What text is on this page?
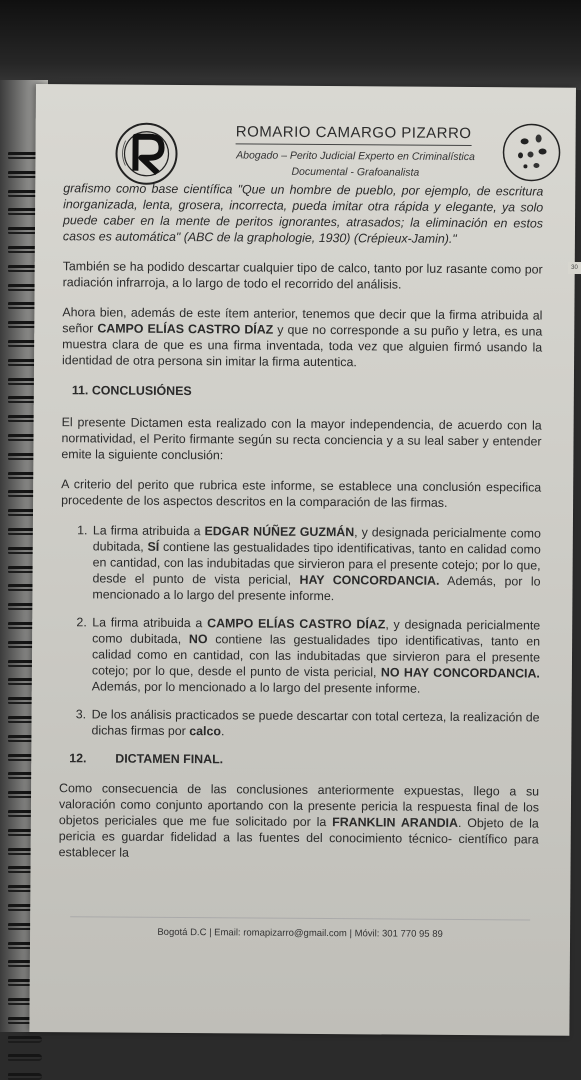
ROMARIO CAMARGO PIZARRO
Abogado – Perito Judicial Experto en Criminalística
Documental - Grafoanalista

grafismo como base científica "Que un hombre de pueblo, por ejemplo, de escritura inorganizada, lenta, grosera, incorrecta, pueda imitar otra rápida y elegante, ya solo puede caber en la mente de peritos ignorantes, atrasados; la eliminación en estos casos es automática" (ABC de la graphologie, 1930) (Crépieux-Jamin)."

También se ha podido descartar cualquier tipo de calco, tanto por luz rasante como por radiación infrarroja, a lo largo de todo el recorrido del análisis.

Ahora bien, además de este ítem anterior, tenemos que decir que la firma atribuida al señor CAMPO ELÍAS CASTRO DÍAZ y que no corresponde a su puño y letra, es una muestra clara de que es una firma inventada, toda vez que alguien firmó usando la identidad de otra persona sin imitar la firma autentica.

11. CONCLUSIÓNES

El presente Dictamen esta realizado con la mayor independencia, de acuerdo con la normatividad, el Perito firmante según su recta conciencia y a su leal saber y entender emite la siguiente conclusión:

A criterio del perito que rubrica este informe, se establece una conclusión especifica procedente de los aspectos descritos en la comparación de las firmas.

1. La firma atribuida a EDGAR NÚÑEZ GUZMÁN, y designada pericialmente como dubitada, SÍ contiene las gestualidades tipo identificativas, tanto en calidad como en cantidad, con las indubitadas que sirvieron para el presente cotejo; por lo que, desde el punto de vista pericial, HAY CONCORDANCIA. Además, por lo mencionado a lo largo del presente informe.
2. La firma atribuida a CAMPO ELÍAS CASTRO DÍAZ, y designada pericialmente como dubitada, NO contiene las gestualidades tipo identificativas, tanto en calidad como en cantidad, con las indubitadas que sirvieron para el presente cotejo; por lo que, desde el punto de vista pericial, NO HAY CONCORDANCIA. Además, por lo mencionado a lo largo del presente informe.
3. De los análisis practicados se puede descartar con total certeza, la realización de dichas firmas por calco.
12. DICTAMEN FINAL.

Como consecuencia de las conclusiones anteriormente expuestas, llego a su valoración como conjunto aportando con la presente pericia la respuesta final de los objetos periciales que me fue solicitado por la FRANKLIN ARANDIA. Objeto de la pericia es guardar fidelidad a las fuentes del conocimiento técnico- científico para establecer la

Bogotá D.C | Email: romapizarro@gmail.com | Móvil: 301 770 95 89
30
